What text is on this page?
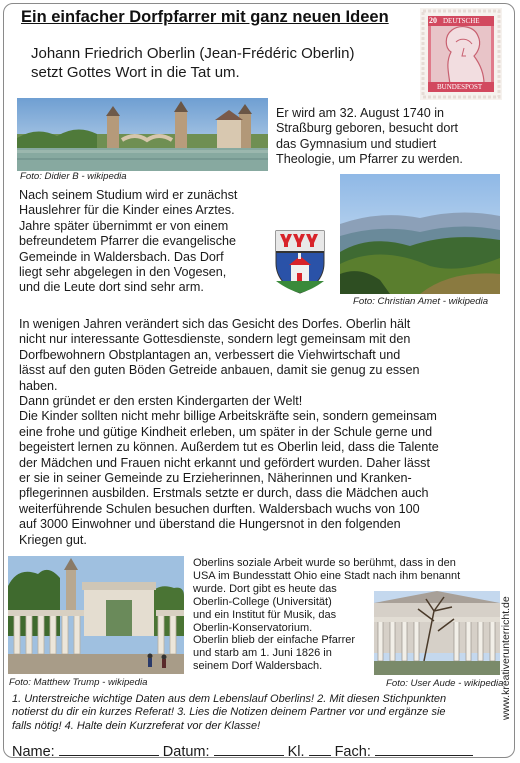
Ein einfacher Dorfpfarrer mit ganz neuen Ideen
Johann Friedrich Oberlin (Jean-Frédéric Oberlin)
setzt Gottes Wort in die Tat um.
20 DEUTSCHE
BUNDESPOST
Foto: Didier B - wikipedia
Er wird am 32. August 1740 in
Straßburg geboren, besucht dort
das Gymnasium und studiert
Theologie, um Pfarrer zu werden.
Nach seinem Studium wird er zunächst
Hauslehrer für die Kinder eines Arztes.
Jahre später übernimmt er von einem
befreundetem Pfarrer die evangelische
Gemeinde in Waldersbach. Das Dorf
liegt sehr abgelegen in den Vogesen,
und die Leute dort sind sehr arm.
Foto: Christian Amet - wikipedia
In wenigen Jahren verändert sich das Gesicht des Dorfes. Oberlin hält
nicht nur interessante Gottesdienste, sondern legt gemeinsam mit den
Dorfbewohnern Obstplantagen an, verbessert die Viehwirtschaft und
lässt auf den guten Böden Getreide anbauen, damit sie genug zu essen
haben.
Dann gründet er den ersten Kindergarten der Welt!
Die Kinder sollten nicht mehr billige Arbeitskräfte sein, sondern gemeinsam
eine frohe und gütige Kindheit erleben, um später in der Schule gerne und
begeistert lernen zu können. Außerdem tut es Oberlin leid, dass die Talente
der Mädchen und Frauen nicht erkannt und gefördert wurden. Daher lässt
er sie in seiner Gemeinde zu Erzieherinnen, Näherinnen und Kranken-
pflegerinnen ausbilden. Erstmals setzte er durch, dass die Mädchen auch
weiterführende Schulen besuchen durften. Waldersbach wuchs von 100
auf 3000 Einwohner und überstand die Hungersnot in den folgenden
Kriegen gut.
Foto: Matthew Trump - wikipedia
Oberlins soziale Arbeit wurde so berühmt, dass in den
USA im Bundesstatt Ohio eine Stadt nach ihm benannt
wurde. Dort gibt es heute das
Oberlin-College (Universität)
und ein Institut für Musik, das
Oberlin-Konservatorium.
Oberlin blieb der einfache Pfarrer
und starb am 1. Juni 1826 in
seinem Dorf Waldersbach.
Foto: User Aude - wikipedia
1. Unterstreiche wichtige Daten aus dem Lebenslauf Oberlins! 2. Mit diesen Stichpunkten
notierst du dir ein kurzes Referat! 3. Lies die Notizen deinem Partner vor und ergänze sie
falls nötig! 4. Halte dein Kurzreferat vor der Klasse!
Name:	Datum:	Kl. Fach:
www.kreativerunterricht.de
